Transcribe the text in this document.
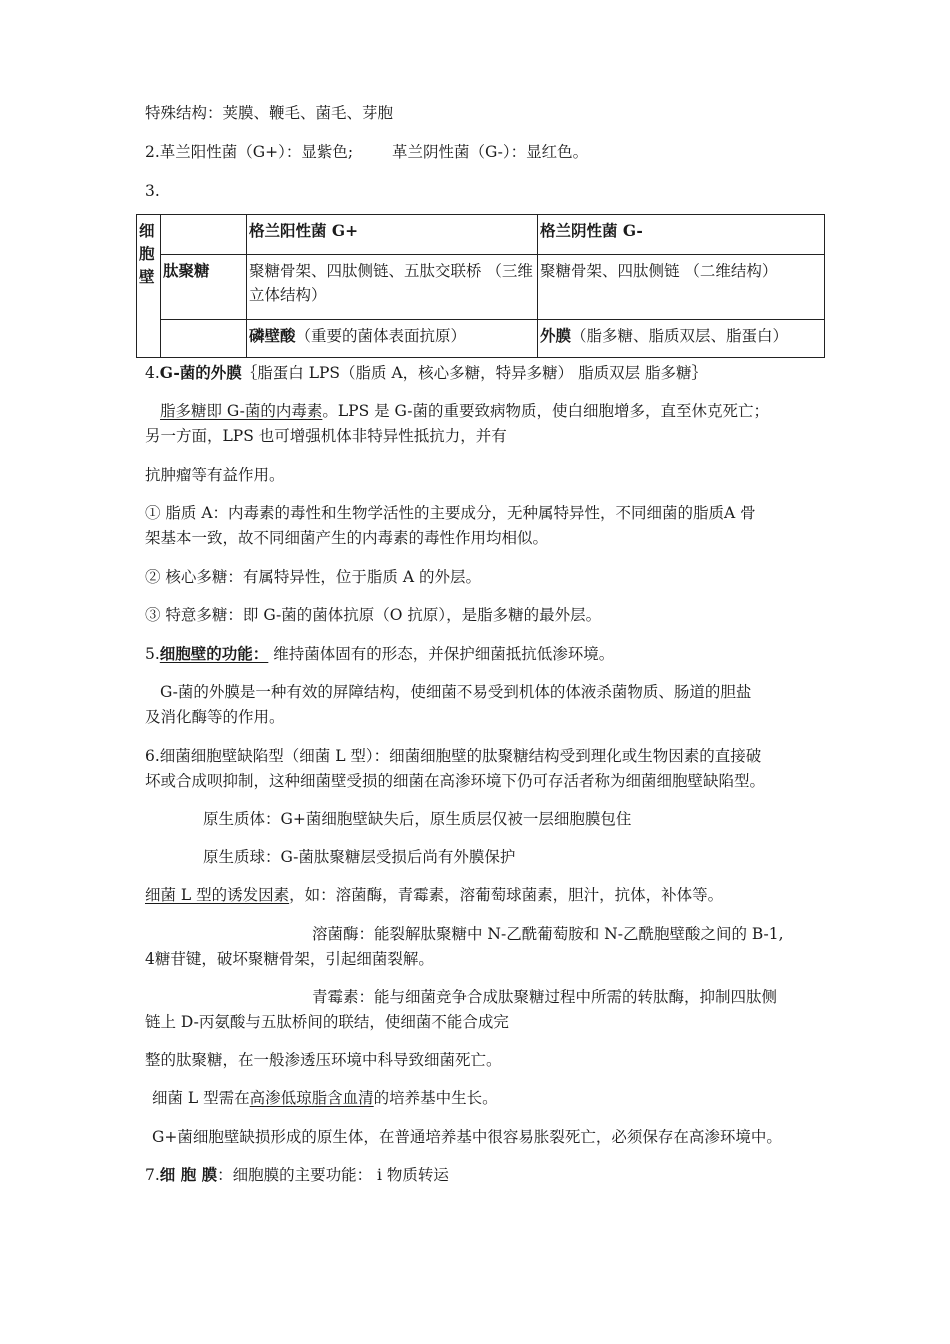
特殊结构：荚膜、鞭毛、菌毛、芽胞
2.革兰阳性菌（G+）：显紫色;	革兰阴性菌（G-）：显红色。
3.
细胞壁		格兰阳性菌 G+	格兰阴性菌 G-
	肽聚糖	聚糖骨架、四肽侧链、五肽交联桥 （三维立体结构）	聚糖骨架、四肽侧链 （二维结构）
		磷壁酸（重要的菌体表面抗原）	外膜（脂多糖、脂质双层、脂蛋白）
4.G-菌的外膜｛脂蛋白 LPS（脂质 A，核心多糖，特异多糖） 脂质双层 脂多糖｝
脂多糖即 G-菌的内毒素。LPS 是 G-菌的重要致病物质，使白细胞增多，直至休克死亡；
另一方面，LPS 也可增强机体非特异性抵抗力，并有
抗肿瘤等有益作用。
① 脂质 A：内毒素的毒性和生物学活性的主要成分，无种属特异性，不同细菌的脂质A 骨
架基本一致，故不同细菌产生的内毒素的毒性作用均相似。
② 核心多糖：有属特异性，位于脂质 A 的外层。
③ 特意多糖：即 G-菌的菌体抗原（O 抗原），是脂多糖的最外层。
5.细胞壁的功能： 维持菌体固有的形态，并保护细菌抵抗低渗环境。
G-菌的外膜是一种有效的屏障结构，使细菌不易受到机体的体液杀菌物质、肠道的胆盐
及消化酶等的作用。
6.细菌细胞壁缺陷型（细菌 L 型）：细菌细胞壁的肽聚糖结构受到理化或生物因素的直接破
坏或合成呗抑制，这种细菌壁受损的细菌在高渗环境下仍可存活者称为细菌细胞壁缺陷型。
原生质体：G+菌细胞壁缺失后，原生质层仅被一层细胞膜包住
原生质球：G-菌肽聚糖层受损后尚有外膜保护
细菌 L 型的诱发因素，如：溶菌酶，青霉素，溶葡萄球菌素，胆汁，抗体，补体等。
溶菌酶：能裂解肽聚糖中 N-乙酰葡萄胺和 N-乙酰胞壁酸之间的 B-1,
4糖苷键，破坏聚糖骨架，引起细菌裂解。
青霉素：能与细菌竞争合成肽聚糖过程中所需的转肽酶，抑制四肽侧
链上 D-丙氨酸与五肽桥间的联结，使细菌不能合成完
整的肽聚糖，在一般渗透压环境中科导致细菌死亡。
细菌 L 型需在高渗低琼脂含血清的培养基中生长。
G+菌细胞壁缺损形成的原生体，在普通培养基中很容易胀裂死亡，必须保存在高渗环境中。
7.细 胞 膜：细胞膜的主要功能： i 物质转运
